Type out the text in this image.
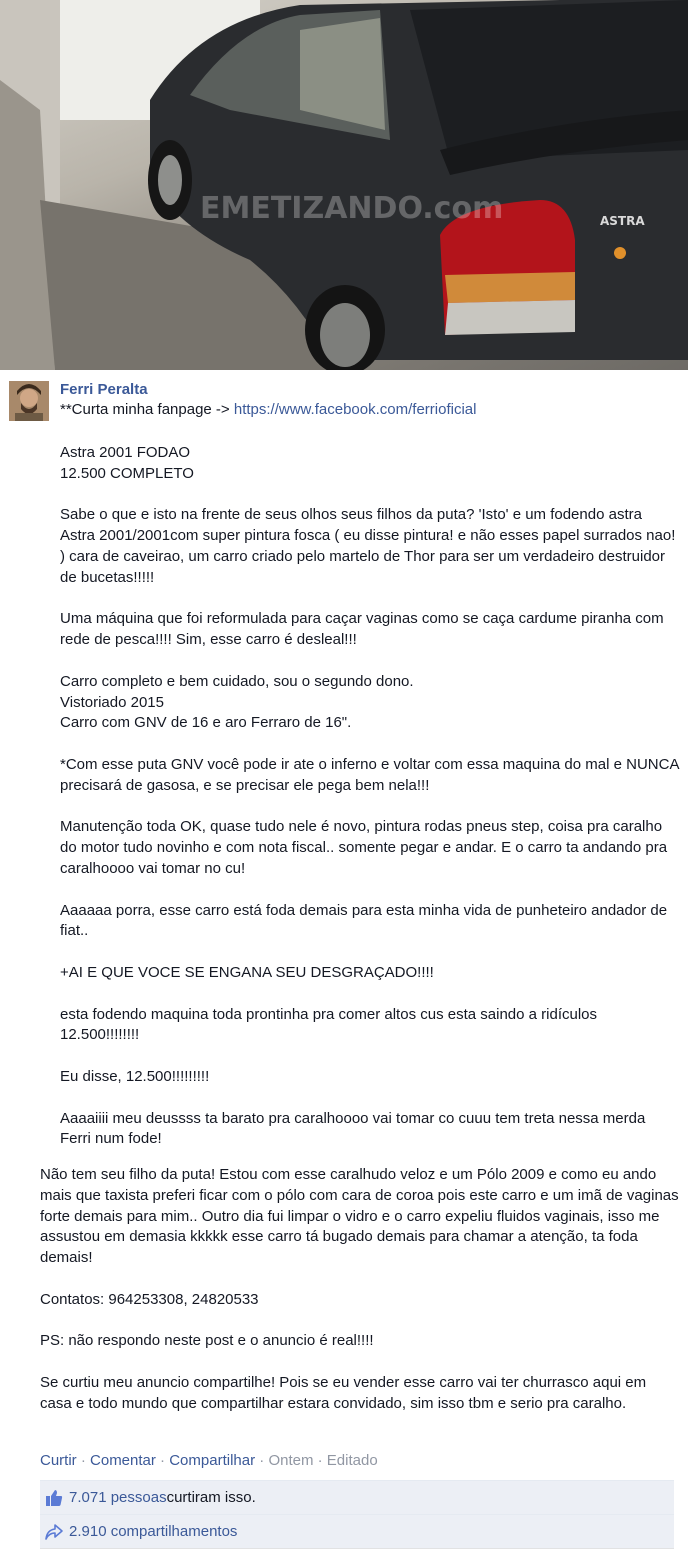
EMETIZANDO.com	ASTRA
Ferri Peralta
**Curta minha fanpage -> https://www.facebook.com/ferrioficial

Astra 2001 FODAO
12.500 COMPLETO

Sabe o que e isto na frente de seus olhos seus filhos da puta? 'Isto' e um fodendo astra Astra 2001/2001com super pintura fosca ( eu disse pintura! e não esses papel surrados nao! ) cara de caveirao, um carro criado pelo martelo de Thor para ser um verdadeiro destruidor de bucetas!!!!!

Uma máquina que foi reformulada para caçar vaginas como se caça cardume piranha com rede de pesca!!!! Sim, esse carro é desleal!!!

Carro completo e bem cuidado, sou o segundo dono.
Vistoriado 2015
Carro com GNV de 16 e aro Ferraro de 16".

*Com esse puta GNV você pode ir ate o inferno e voltar com essa maquina do mal e NUNCA precisará de gasosa, e se precisar ele pega bem nela!!!

Manutenção toda OK, quase tudo nele é novo, pintura rodas pneus step, coisa pra caralho do motor tudo novinho e com nota fiscal.. somente pegar e andar. E o carro ta andando pra caralhoooo vai tomar no cu!

Aaaaaa porra, esse carro está foda demais para esta minha vida de punheteiro andador de fiat..

+AI E QUE VOCE SE ENGANA SEU DESGRAÇADO!!!!

esta fodendo maquina toda prontinha pra comer altos cus esta saindo a ridículos 12.500!!!!!!!!

Eu disse, 12.500!!!!!!!!!

Aaaaiiii meu deussss ta barato pra caralhoooo vai tomar co cuuu tem treta nessa merda Ferri num fode!

Não tem seu filho da puta! Estou com esse caralhudo veloz e um Pólo 2009 e como eu ando mais que taxista preferi ficar com o pólo com cara de coroa pois este carro e um imã de vaginas forte demais para mim.. Outro dia fui limpar o vidro e o carro expeliu fluidos vaginais, isso me assustou em demasia kkkkk esse carro tá bugado demais para chamar a atenção, ta foda demais!

Contatos: 964253308, 24820533

PS: não respondo neste post e o anuncio é real!!!!

Se curtiu meu anuncio compartilhe! Pois se eu vender esse carro vai ter churrasco aqui em casa e todo mundo que compartilhar estara convidado, sim isso tbm e serio pra caralho.

Curtir · Comentar · Compartilhar · Ontem · Editado
7.071 pessoas curtiram isso.
2.910 compartilhamentos
